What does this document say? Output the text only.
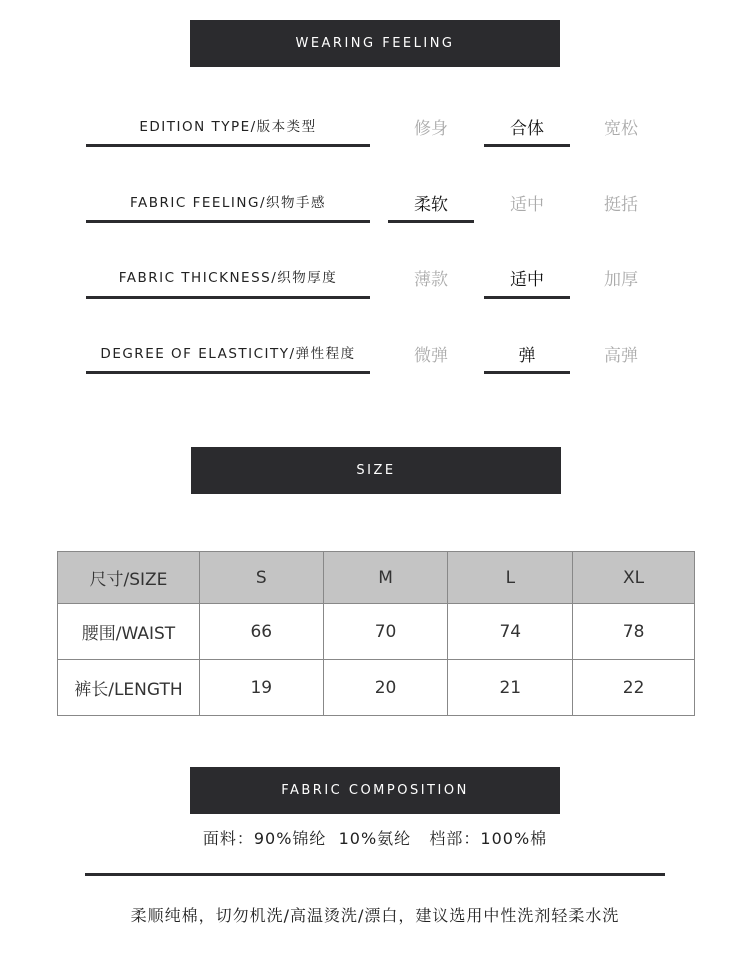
WEARING FEELING
EDITION TYPE/版本类型	修身	合体	宽松
FABRIC FEELING/织物手感	柔软	适中	挺括
FABRIC THICKNESS/织物厚度	薄款	适中	加厚
DEGREE OF ELASTICITY/弹性程度	微弹	弹	高弹
SIZE
尺寸/SIZE	S	M	L	XL
腰围/WAIST	66	70	74	78
裤长/LENGTH	19	20	21	22
FABRIC COMPOSITION
面料：90%锦纶  10%氨纶   档部：100%棉
柔顺纯棉，切勿机洗/高温烫洗/漂白，建议选用中性洗剂轻柔水洗
